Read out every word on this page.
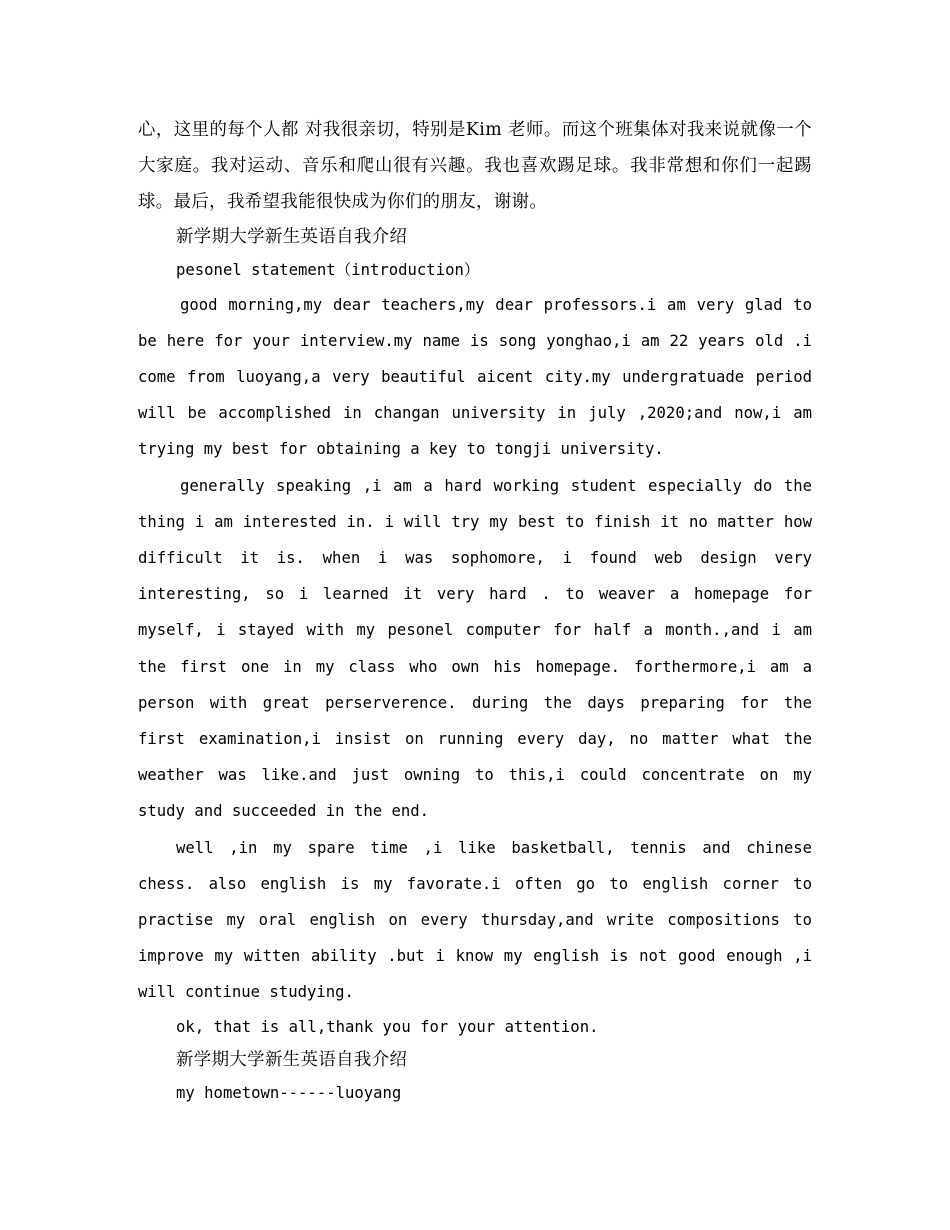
心，这里的每个人都 对我很亲切，特别是Kim 老师。而这个班集体对我来说就像一个大家庭。我对运动、音乐和爬山很有兴趣。我也喜欢踢足球。我非常想和你们一起踢球。最后，我希望我能很快成为你们的朋友，谢谢。

新学期大学新生英语自我介绍

pesonel statement（introduction）

good morning,my dear teachers,my dear professors.i am very glad to be here for your interview.my name is song yonghao,i am 22 years old .i come from luoyang,a very beautiful aicent city.my undergratuade period will be accomplished in changan university in july ,2020;and now,i am trying my best for obtaining a key to tongji university.

generally speaking ,i am a hard working student especially do the thing i am interested in. i will try my best to finish it no matter how difficult it is. when i was sophomore, i found web design very interesting, so i learned it very hard . to weaver a homepage for myself, i stayed with my pesonel computer for half a month.,and i am the first one in my class who own his homepage. forthermore,i am a person with great perserverence. during the days preparing for the first examination,i insist on running every day, no matter what the weather was like.and just owning to this,i could concentrate on my study and succeeded in the end.

well ,in my spare time ,i like basketball, tennis and chinese chess. also english is my favorate.i often go to english corner to practise my oral english on every thursday,and write compositions to improve my witten ability .but i know my english is not good enough ,i will continue studying.

ok, that is all,thank you for your attention.

新学期大学新生英语自我介绍

my hometown------luoyang
